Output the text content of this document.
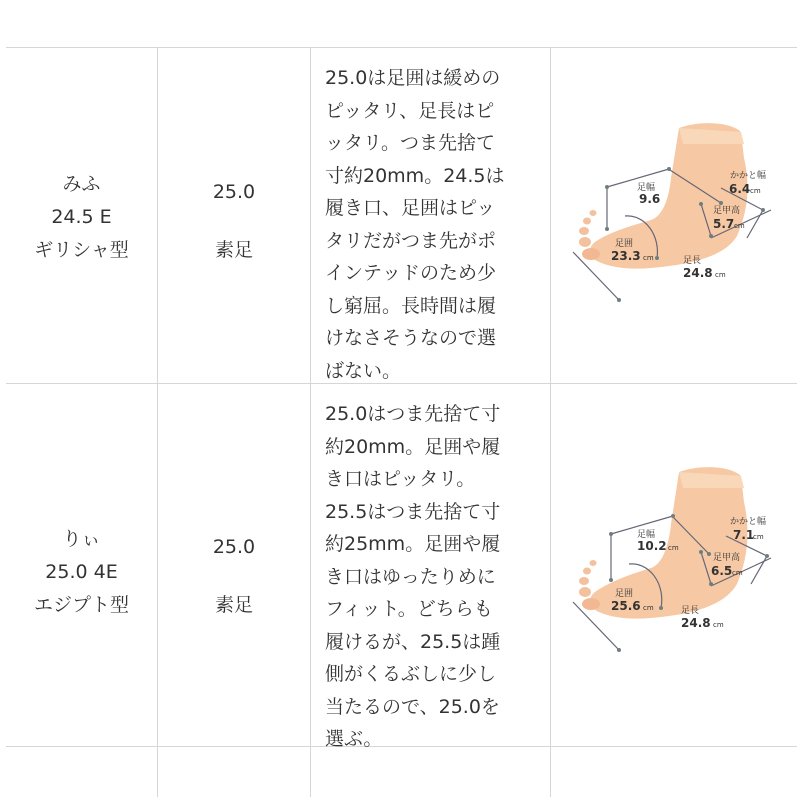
みふ
24.5 E
ギリシャ型
25.0
素足
25.0は足囲は緩めの
ピッタリ、足長はピ
ッタリ。つま先捨て
寸約20mm。24.5は
履き口、足囲はピッ
タリだがつま先がポ
インテッドのため少
し窮屈。長時間は履
けなさそうなので選
ばない。
足幅
9.6
かかと幅
6.4 cm
足甲高
5.7 cm
足囲
23.3 cm	足長
24.8 cm
りぃ
25.0 4E
エジプト型
25.0
素足
25.0はつま先捨て寸
約20mm。足囲や履
き口はピッタリ。
25.5はつま先捨て寸
約25mm。足囲や履
き口はゆったりめに
フィット。どちらも
履けるが、25.5は踵
側がくるぶしに少し
当たるので、25.0を
選ぶ。
足幅
10.2 cm
かかと幅
7.1
cm
足甲高
6.5 cm
足囲
25.6 cm	足長
24.8 cm
